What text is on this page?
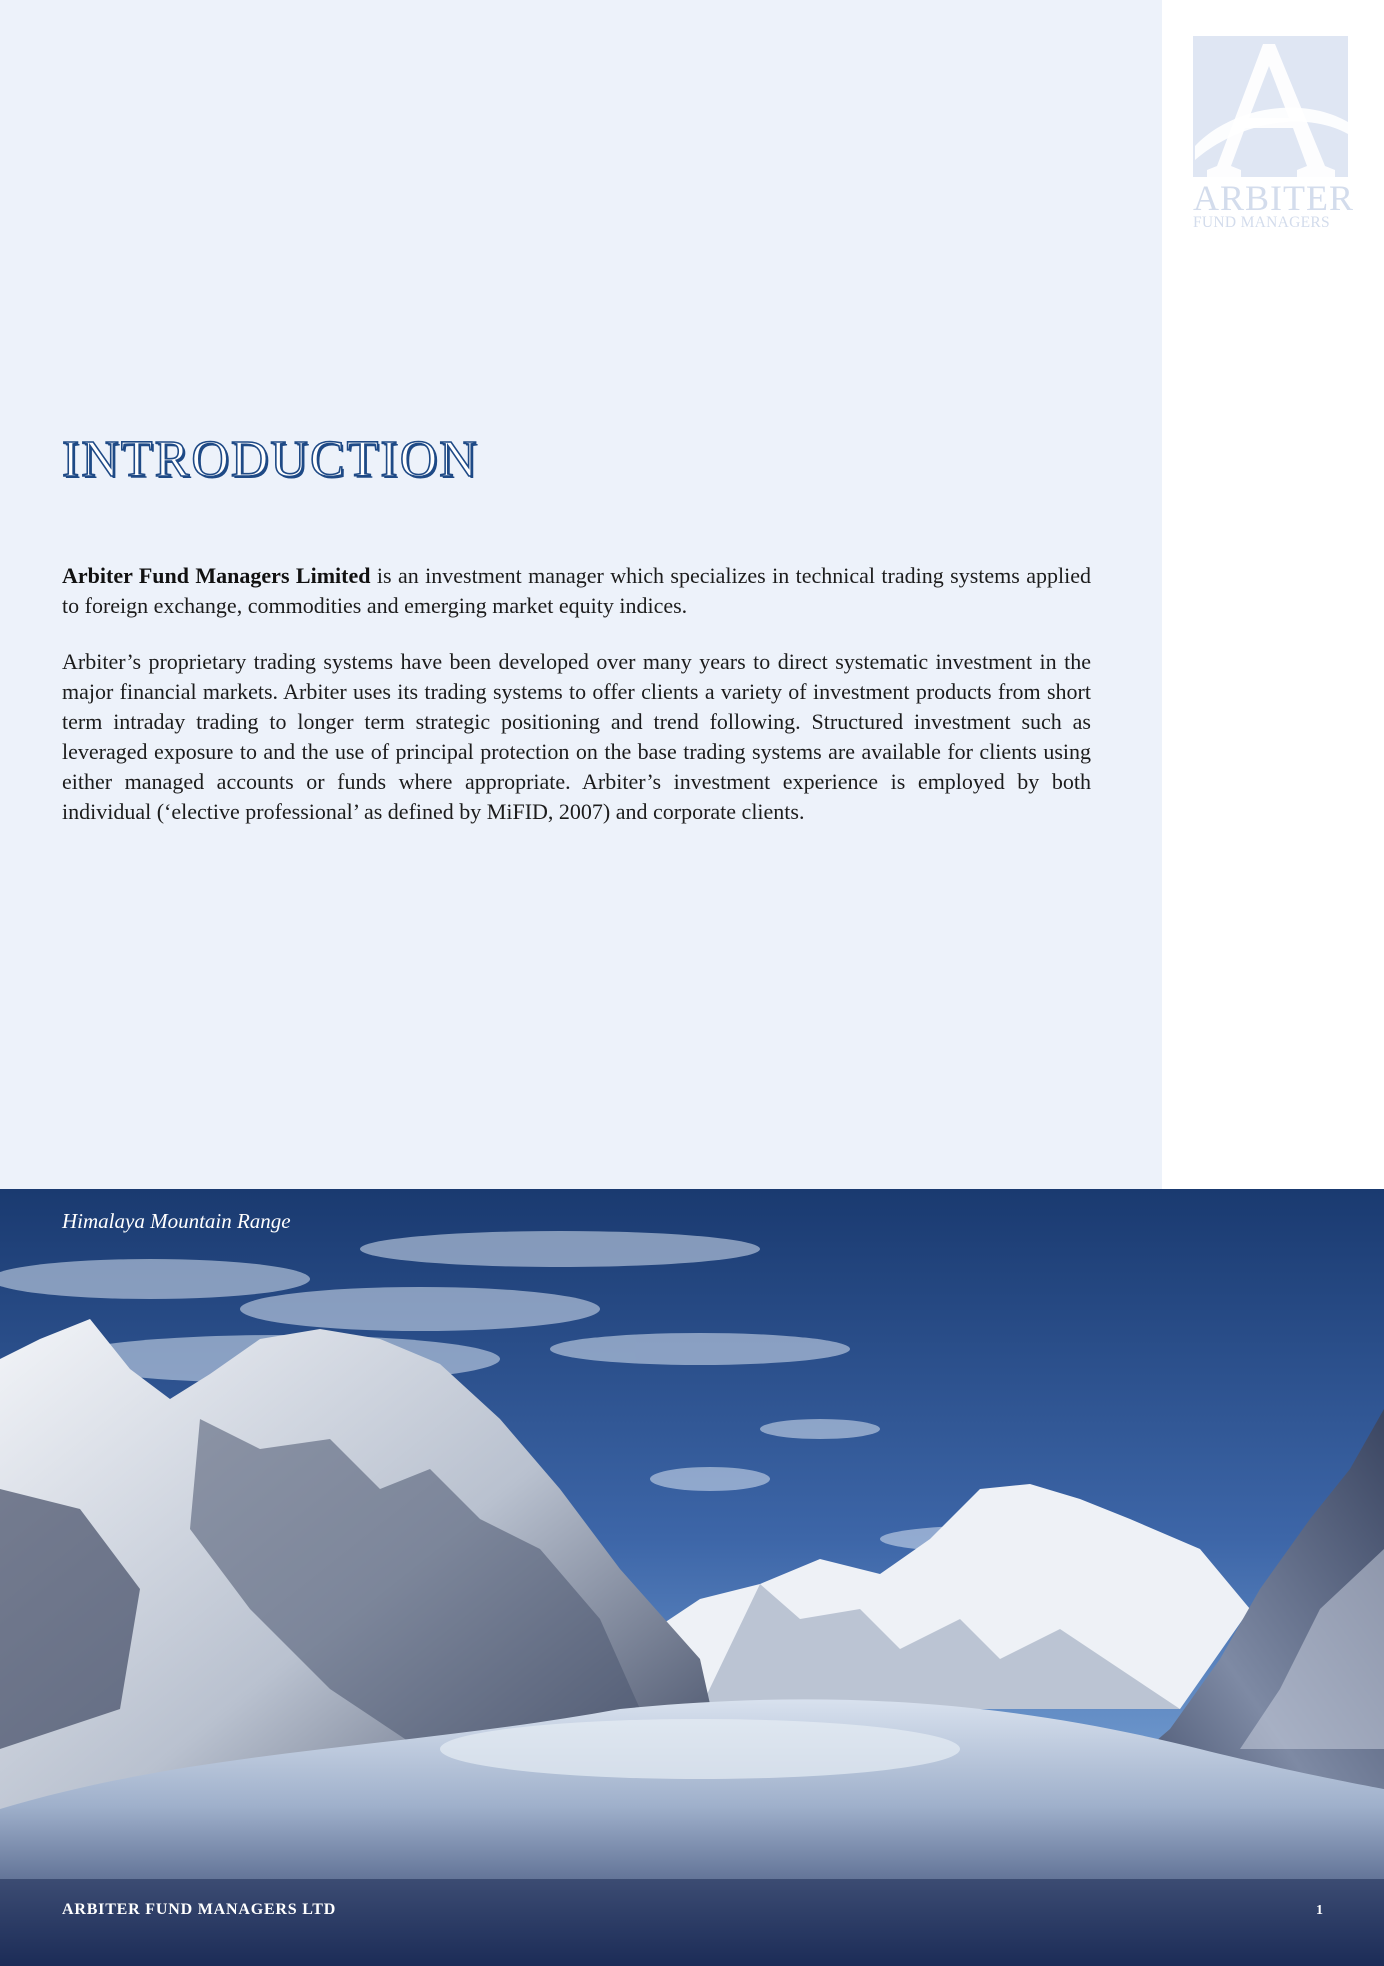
ARBITER
FUND MANAGERS
INTRODUCTION

Arbiter Fund Managers Limited is an investment manager which specializes in technical trading systems applied to foreign exchange, commodities and emerging market equity indices.

Arbiter’s proprietary trading systems have been developed over many years to direct systematic investment in the major financial markets. Arbiter uses its trading systems to offer clients a variety of investment products from short term intraday trading to longer term strategic positioning and trend following. Structured investment such as leveraged exposure to and the use of principal protection on the base trading systems are available for clients using either managed accounts or funds where appropriate. Arbiter’s investment experience is employed by both individual (‘elective professional’ as defined by MiFID, 2007) and corporate clients.

Himalaya Mountain Range
ARBITER FUND MANAGERS LTD	1
